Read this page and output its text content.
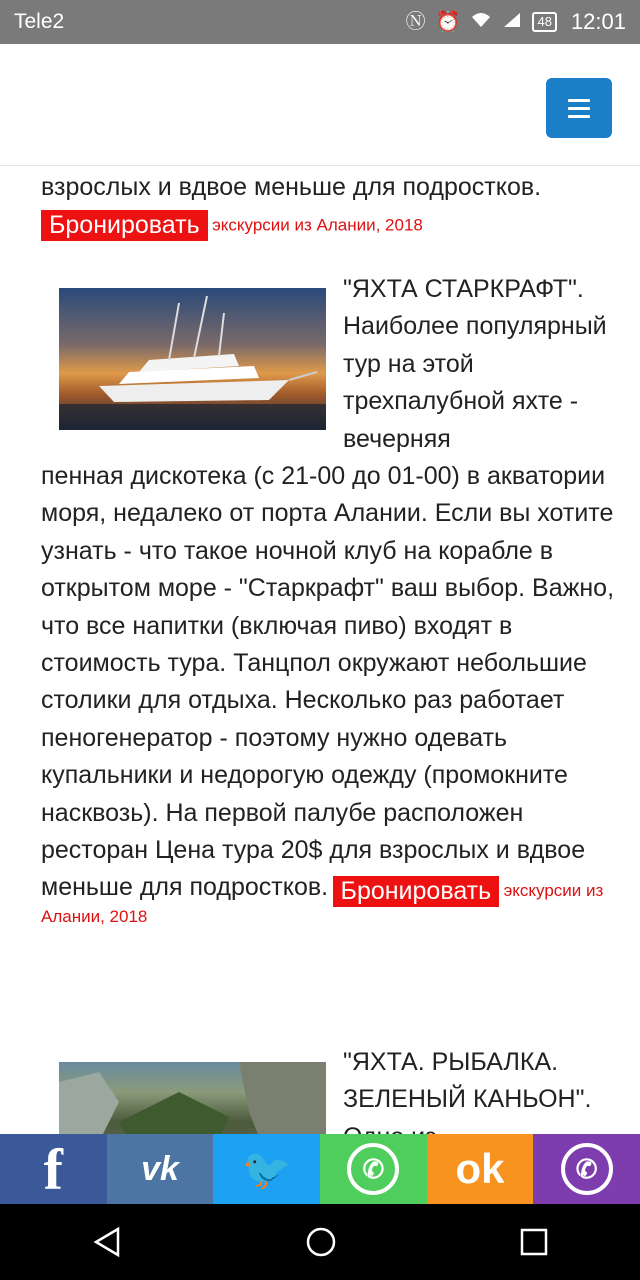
Tele2	Ⓝ ⏰	48 12:01
взрослых и вдвое меньше для подростков.
Бронировать экскурсии из Алании, 2018
"ЯХТА СТАРКРАФТ". Наиболее популярный тур на этой трехпалубной яхте - вечерняя
пенная дискотека (с 21-00 до 01-00) в акватории моря, недалеко от порта Алании. Если вы хотите узнать - что такое ночной клуб на корабле в открытом море - "Старкрафт" ваш выбор. Важно, что все напитки (включая пиво) входят в стоимость тура. Танцпол окружают небольшие столики для отдыха. Несколько раз работает пеногенератор - поэтому нужно одевать купальники и недорогую одежду (промокните насквозь). На первой палубе расположен ресторан Цена тура 20$ для взрослых и вдвое меньше для подростков. Бронировать экскурсии из Алании, 2018
"ЯХТА. РЫБАЛКА. ЗЕЛЕНЫЙ КАНЬОН".
f vk 🐦	✆	ok	✆
